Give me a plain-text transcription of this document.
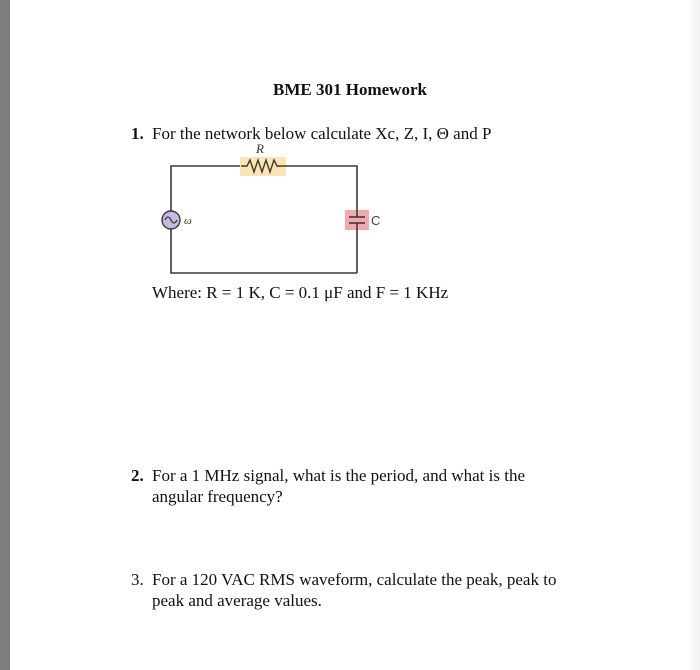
BME 301 Homework
1. For the network below calculate Xc, Z, I, Θ and P
R
ω	C
Where: R = 1 K, C = 0.1 μF and F = 1 KHz
2. For a 1 MHz signal, what is the period, and what is the
angular frequency?
3. For a 120 VAC RMS waveform, calculate the peak, peak to
peak and average values.
